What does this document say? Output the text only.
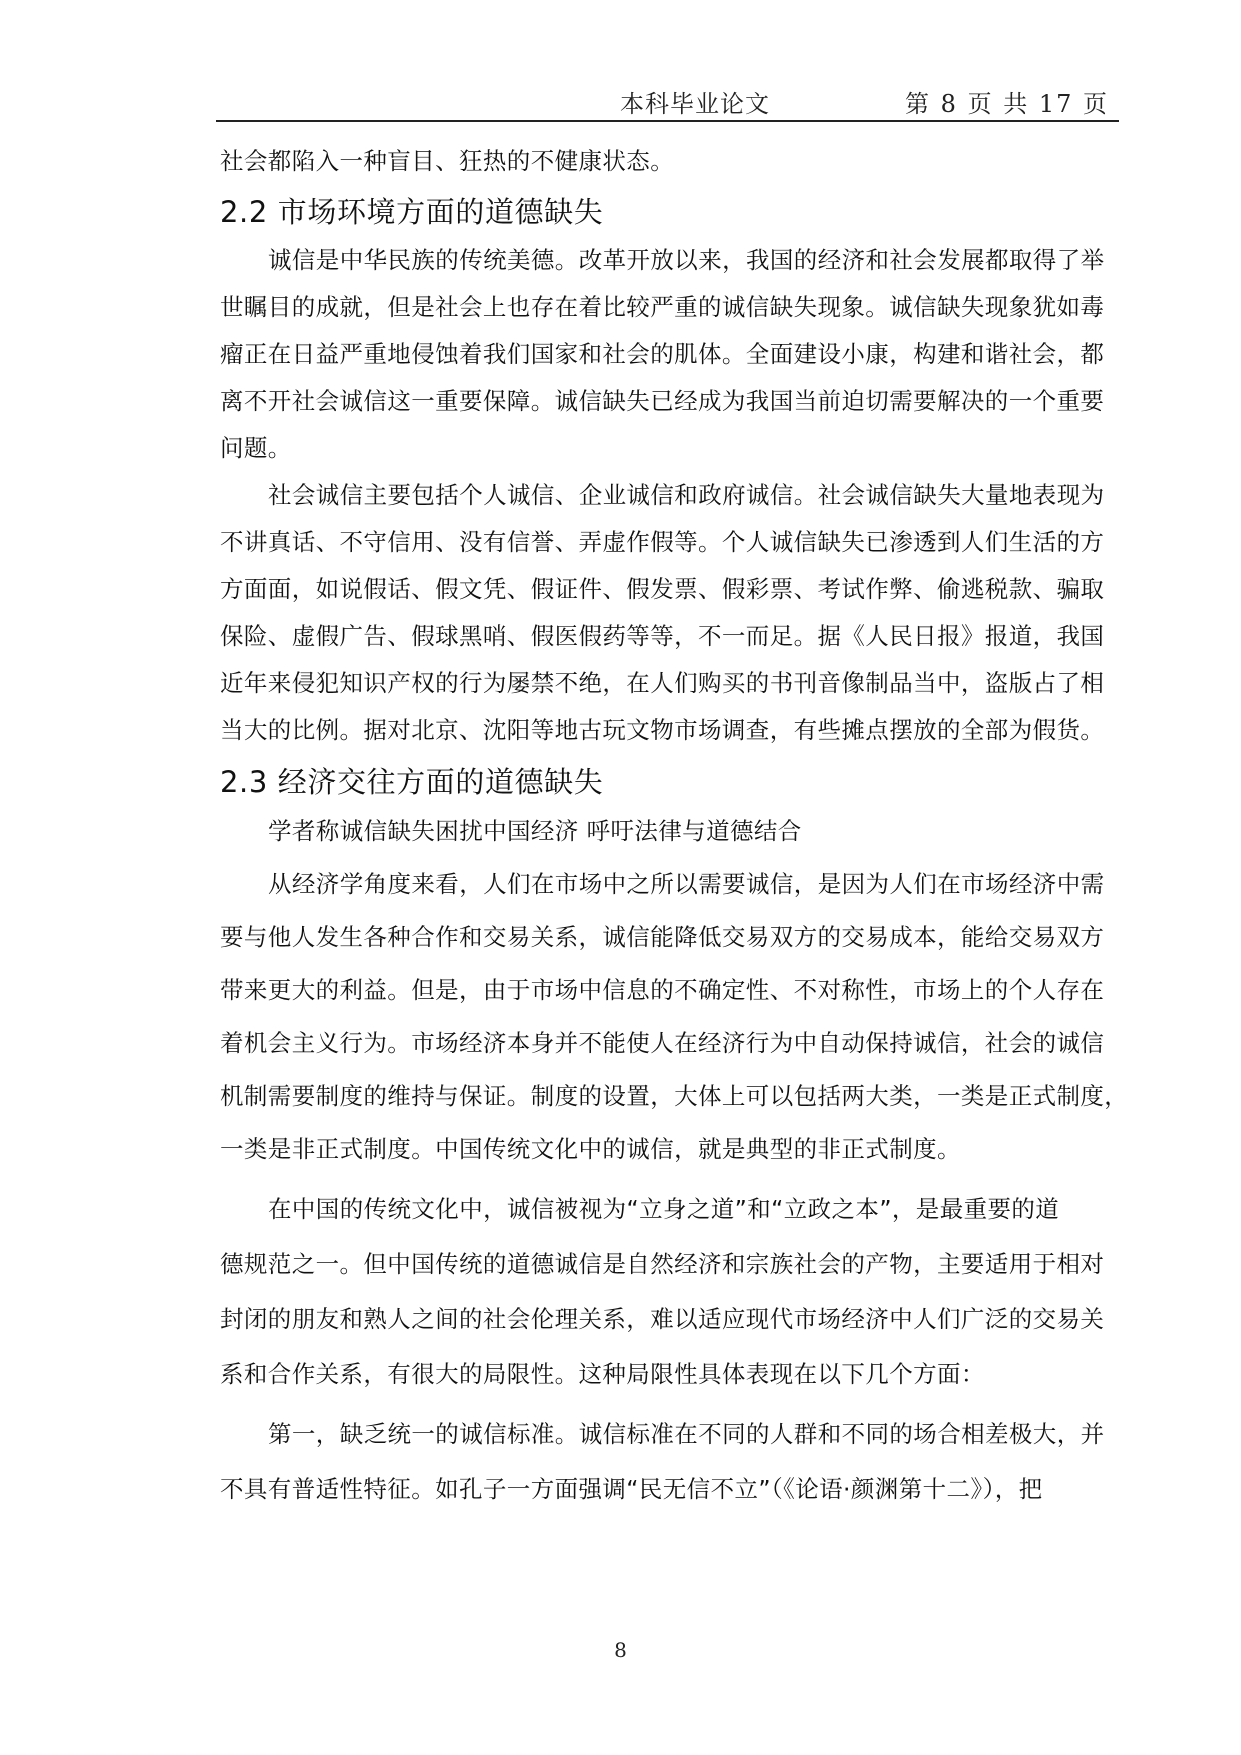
本科毕业论文	第 8 页 共 17 页
社会都陷入一种盲目、狂热的不健康状态。
2.2 市场环境方面的道德缺失
诚信是中华民族的传统美德。改革开放以来，我国的经济和社会发展都取得了举
世瞩目的成就，但是社会上也存在着比较严重的诚信缺失现象。诚信缺失现象犹如毒
瘤正在日益严重地侵蚀着我们国家和社会的肌体。全面建设小康，构建和谐社会，都
离不开社会诚信这一重要保障。诚信缺失已经成为我国当前迫切需要解决的一个重要
问题。
社会诚信主要包括个人诚信、企业诚信和政府诚信。社会诚信缺失大量地表现为
不讲真话、不守信用、没有信誉、弄虚作假等。个人诚信缺失已渗透到人们生活的方
方面面，如说假话、假文凭、假证件、假发票、假彩票、考试作弊、偷逃税款、骗取
保险、虚假广告、假球黑哨、假医假药等等，不一而足。据《人民日报》报道，我国
近年来侵犯知识产权的行为屡禁不绝，在人们购买的书刊音像制品当中，盗版占了相
当大的比例。据对北京、沈阳等地古玩文物市场调查，有些摊点摆放的全部为假货。
2.3 经济交往方面的道德缺失
学者称诚信缺失困扰中国经济 呼吁法律与道德结合
从经济学角度来看，人们在市场中之所以需要诚信，是因为人们在市场经济中需
要与他人发生各种合作和交易关系，诚信能降低交易双方的交易成本，能给交易双方
带来更大的利益。但是，由于市场中信息的不确定性、不对称性，市场上的个人存在
着机会主义行为。市场经济本身并不能使人在经济行为中自动保持诚信，社会的诚信
机制需要制度的维持与保证。制度的设置，大体上可以包括两大类，一类是正式制度，
一类是非正式制度。中国传统文化中的诚信，就是典型的非正式制度。
在中国的传统文化中，诚信被视为“立身之道”和“立政之本”，是最重要的道
德规范之一。但中国传统的道德诚信是自然经济和宗族社会的产物，主要适用于相对
封闭的朋友和熟人之间的社会伦理关系，难以适应现代市场经济中人们广泛的交易关
系和合作关系，有很大的局限性。这种局限性具体表现在以下几个方面：
第一，缺乏统一的诚信标准。诚信标准在不同的人群和不同的场合相差极大，并
不具有普适性特征。如孔子一方面强调“民无信不立”（《论语·颜渊第十二》），把
8
